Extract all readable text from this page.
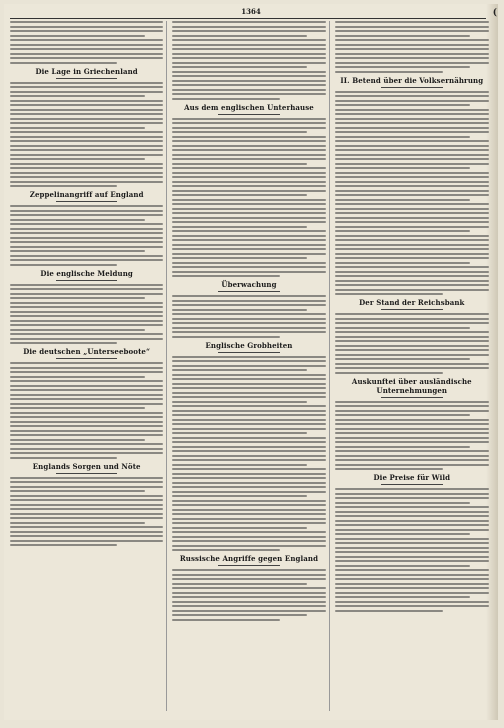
(
1364
Die Lage in Griechenland
Zeppelinangriff auf England
Die englische Meldung
Die deutschen „Unterseeboote“
Englands Sorgen und Nöte
Aus dem englischen Unterhause
Überwachung
Englische Grobheiten
Russische Angriffe gegen England
II. Betend über die Volksernährung
Der Stand der Reichsbank
Auskunftei über ausländische Unternehmungen
Die Preise für Wild
